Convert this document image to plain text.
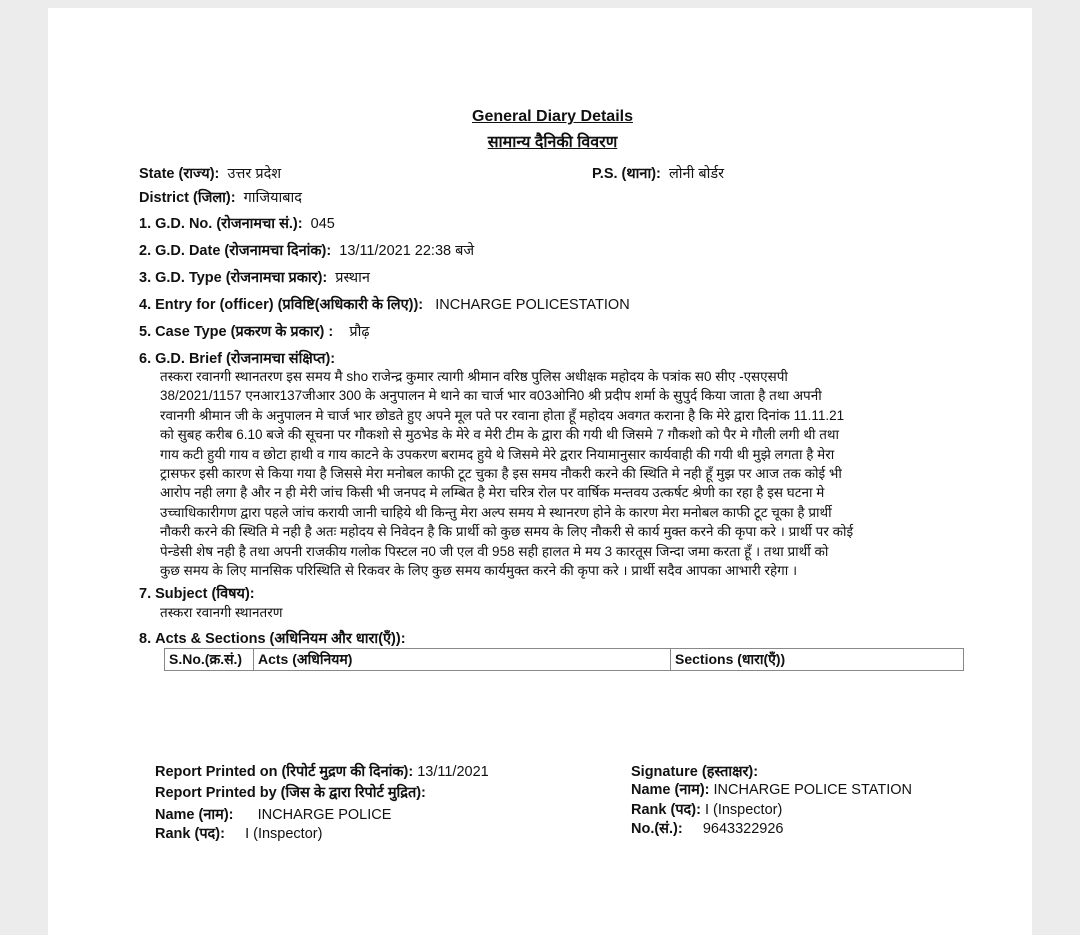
General Diary Details
सामान्य दैनिकी विवरण
State (राज्य): उत्तर प्रदेश	P.S. (थाना): लोनी बोर्डर
District (जिला): गाजियाबाद
1. G.D. No. (रोजनामचा सं.): 045
2. G.D. Date (रोजनामचा दिनांक): 13/11/2021 22:38 बजे
3. G.D. Type (रोजनामचा प्रकार): प्रस्थान
4. Entry for (officer) (प्रविष्टि(अधिकारी के लिए)): INCHARGE POLICESTATION
5. Case Type (प्रकरण के प्रकार) : प्रौढ़
6. G.D. Brief (रोजनामचा संक्षिप्त):
तस्करा रवानगी स्थानतरण इस समय मै sho राजेन्द्र कुमार त्यागी श्रीमान वरिष्ठ पुलिस अधीक्षक महोदय के पत्रांक स0 सीए -एसएसपी
38/2021/1157 एनआर137जीआर 300 के अनुपालन मे थाने का चार्ज भार व03ओनि0 श्री प्रदीप शर्मा के सुपुर्द किया जाता है तथा अपनी
रवानगी श्रीमान जी के अनुपालन मे चार्ज भार छोडते हुए अपने मूल पते पर रवाना होता हूँ महोदय अवगत कराना है कि मेरे द्वारा दिनांक 11.11.21
को सुबह करीब 6.10 बजे की सूचना पर गौकशो से मुठभेड के मेरे व मेरी टीम के द्वारा की गयी थी जिसमे 7 गौकशो को पैर मे गौली लगी थी तथा
गाय कटी हुयी गाय व छोटा हाथी व गाय काटने के उपकरण बरामद हुये थे जिसमे मेरे द्वरार नियामानुसार कार्यवाही की गयी थी मुझे लगता है मेरा
ट्रासफर इसी कारण से किया गया है जिससे मेरा मनोबल काफी टूट चुका है इस समय नौकरी करने की स्थिति मे नही हूँ मुझ पर आज तक कोई भी
आरोप नही लगा है और न ही मेरी जांच किसी भी जनपद मे लम्बित है मेरा चरित्र रोल पर वार्षिक मन्तवय उत्कर्षट श्रेणी का रहा है इस घटना मे
उच्चाधिकारीगण द्वारा पहले जांच करायी जानी चाहिये थी किन्तु मेरा अल्प समय मे स्थानरण होने के कारण मेरा मनोबल काफी टूट चूका है प्रार्थी
नौकरी करने की स्थिति मे नही है अतः महोदय से निवेदन है कि प्रार्थी को कुछ समय के लिए नौकरी से कार्य मुक्त करने की कृपा करे । प्रार्थी पर कोई
पेन्डेसी शेष नही है तथा अपनी राजकीय गलोक पिस्टल न0 जी एल वी 958 सही हालत मे मय 3 कारतूस जिन्दा जमा करता हूँ । तथा प्रार्थी को
कुछ समय के लिए मानसिक परिस्थिति से रिकवर के लिए कुछ समय कार्यमुक्त करने की कृपा करे । प्रार्थी सदैव आपका आभारी रहेगा ।
7. Subject (विषय):
तस्करा रवानगी स्थानतरण
8. Acts & Sections (अधिनियम और धारा(एँ)):
S.No.(क्र.सं.)	Acts (अधिनियम)	Sections (धारा(एँ))
Report Printed on (रिपोर्ट मुद्रण की दिनांक): 13/11/2021
Report Printed by (जिस के द्वारा रिपोर्ट मुद्रित):
Name (नाम): INCHARGE POLICE
Rank (पद): I (Inspector)
Signature (हस्ताक्षर):
Name (नाम): INCHARGE POLICE STATION
Rank (पद): I (Inspector)
No.(सं.): 9643322926
